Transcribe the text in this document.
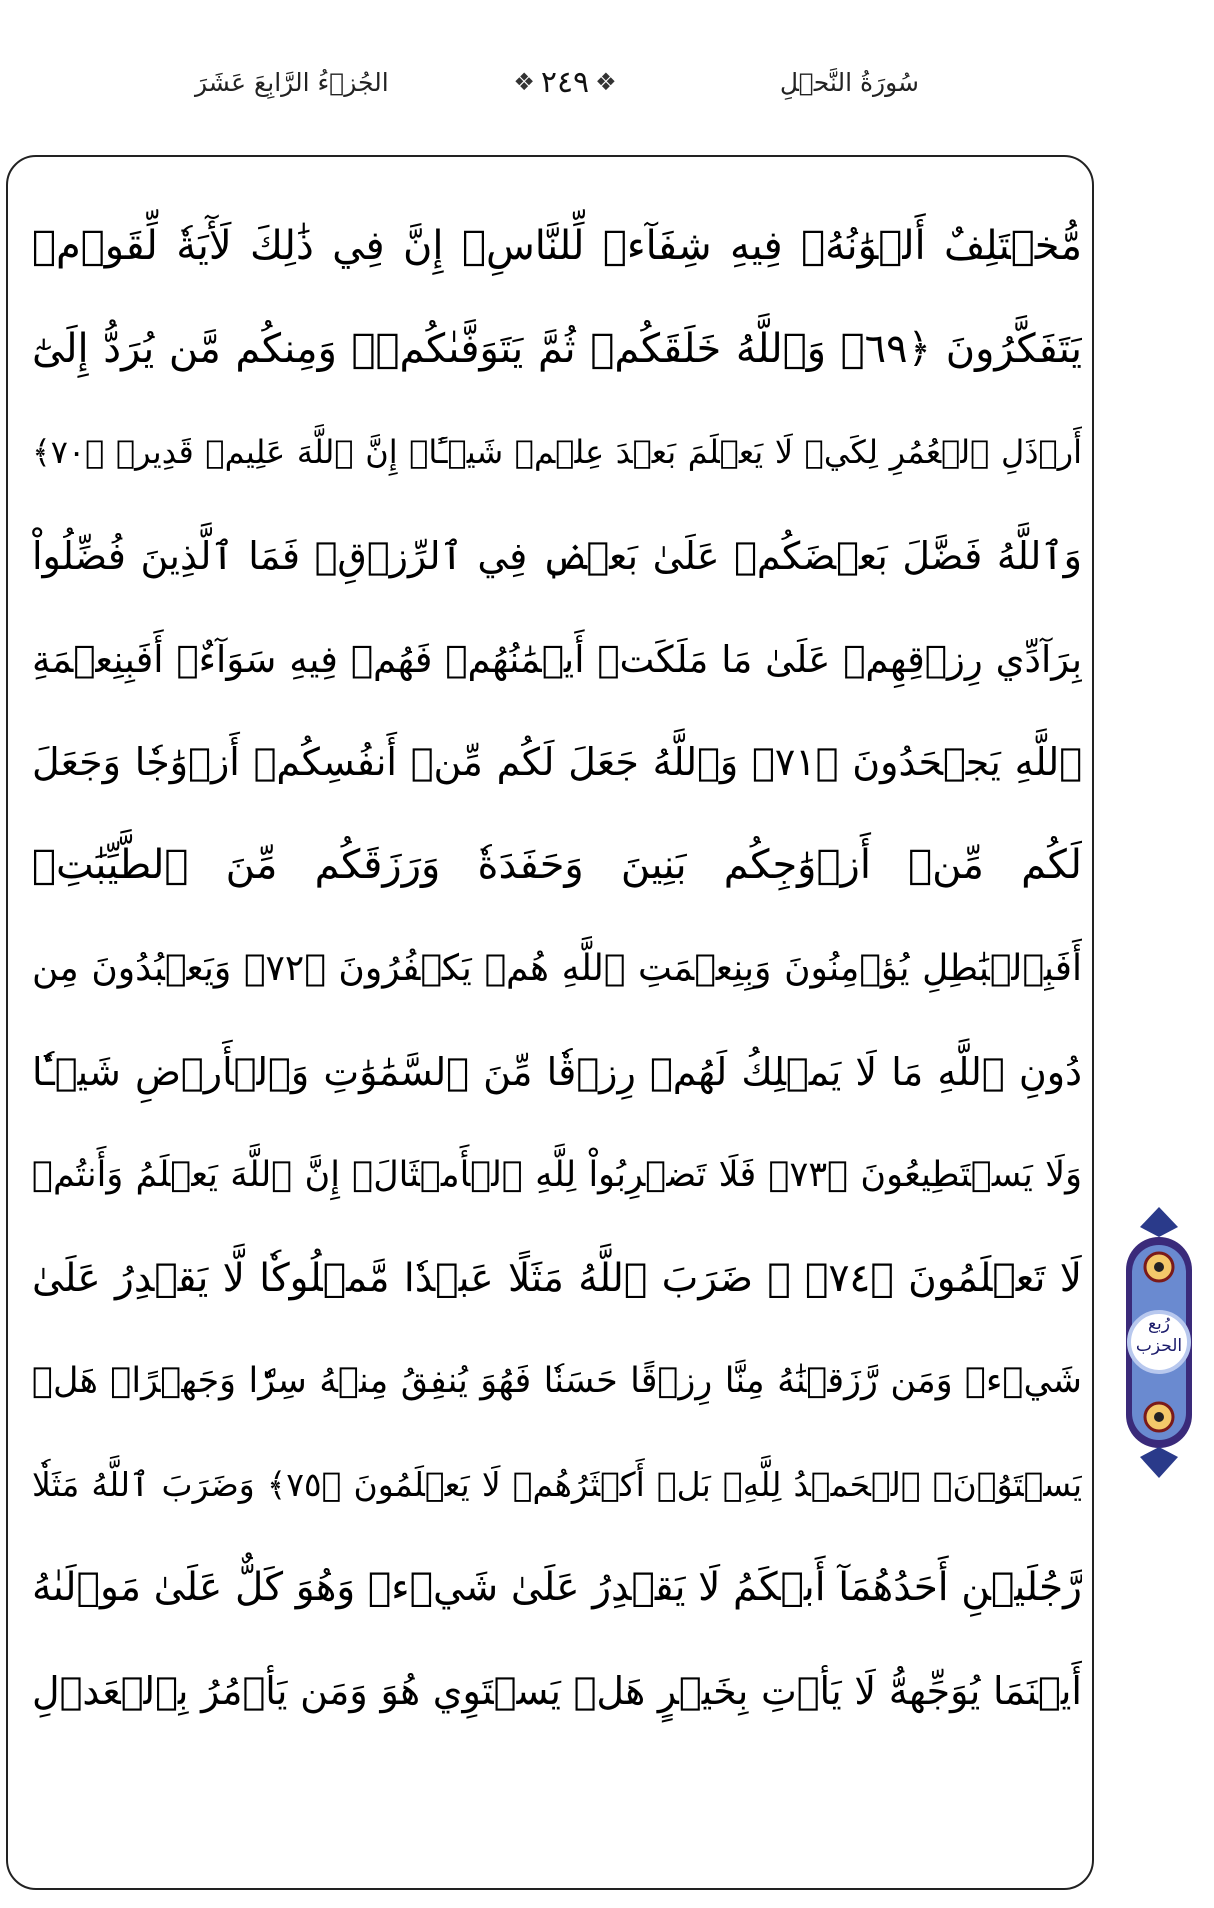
الجُزۡءُ الرَّابِعَ عَشَرَ	❖ ٢٤٩ ❖	سُورَةُ النَّحۡلِ
مُّخۡتَلِفٌ أَلۡوَٰنُهُۥ فِيهِ شِفَآءٞ لِّلنَّاسِۚ إِنَّ فِي ذَٰلِكَ لَأٓيَةٗ لِّقَوۡمٖ
يَتَفَكَّرُونَ ﴿٦٩﴾ وَٱللَّهُ خَلَقَكُمۡ ثُمَّ يَتَوَفَّىٰكُمۡۚ وَمِنكُم مَّن يُرَدُّ إِلَىٰٓ
أَرۡذَلِ ٱلۡعُمُرِ لِكَيۡ لَا يَعۡلَمَ بَعۡدَ عِلۡمٖ شَيۡـًٔاۚ إِنَّ ٱللَّهَ عَلِيمٞ قَدِيرٞ ﴿٧٠﴾
وَٱللَّهُ فَضَّلَ بَعۡضَكُمۡ عَلَىٰ بَعۡضٖ فِي ٱلرِّزۡقِۚ فَمَا ٱلَّذِينَ فُضِّلُواْ
بِرَآدِّي رِزۡقِهِمۡ عَلَىٰ مَا مَلَكَتۡ أَيۡمَٰنُهُمۡ فَهُمۡ فِيهِ سَوَآءٌۚ أَفَبِنِعۡمَةِ
ٱللَّهِ يَجۡحَدُونَ ﴿٧١﴾ وَٱللَّهُ جَعَلَ لَكُم مِّنۡ أَنفُسِكُمۡ أَزۡوَٰجٗا وَجَعَلَ
لَكُم مِّنۡ أَزۡوَٰجِكُم بَنِينَ وَحَفَدَةٗ وَرَزَقَكُم مِّنَ ٱلطَّيِّبَٰتِۚ
أَفَبِٱلۡبَٰطِلِ يُؤۡمِنُونَ وَبِنِعۡمَتِ ٱللَّهِ هُمۡ يَكۡفُرُونَ ﴿٧٢﴾ وَيَعۡبُدُونَ مِن
دُونِ ٱللَّهِ مَا لَا يَمۡلِكُ لَهُمۡ رِزۡقٗا مِّنَ ٱلسَّمَٰوَٰتِ وَٱلۡأَرۡضِ شَيۡـٔٗا
وَلَا يَسۡتَطِيعُونَ ﴿٧٣﴾ فَلَا تَضۡرِبُواْ لِلَّهِ ٱلۡأَمۡثَالَۚ إِنَّ ٱللَّهَ يَعۡلَمُ وَأَنتُمۡ
لَا تَعۡلَمُونَ ﴿٧٤﴾ ۞ ضَرَبَ ٱللَّهُ مَثَلًا عَبۡدٗا مَّمۡلُوكٗا لَّا يَقۡدِرُ عَلَىٰ
شَيۡءٖ وَمَن رَّزَقۡنَٰهُ مِنَّا رِزۡقًا حَسَنٗا فَهُوَ يُنفِقُ مِنۡهُ سِرّٗا وَجَهۡرًاۖ هَلۡ
يَسۡتَوُۥنَۚ ٱلۡحَمۡدُ لِلَّهِۚ بَلۡ أَكۡثَرُهُمۡ لَا يَعۡلَمُونَ ﴿٧٥﴾ وَضَرَبَ ٱللَّهُ مَثَلٗا
رَّجُلَيۡنِ أَحَدُهُمَآ أَبۡكَمُ لَا يَقۡدِرُ عَلَىٰ شَيۡءٖ وَهُوَ كَلٌّ عَلَىٰ مَوۡلَىٰهُ
أَيۡنَمَا يُوَجِّههُّ لَا يَأۡتِ بِخَيۡرٍ هَلۡ يَسۡتَوِي هُوَ وَمَن يَأۡمُرُ بِٱلۡعَدۡلِ
رُبع
الحزب
